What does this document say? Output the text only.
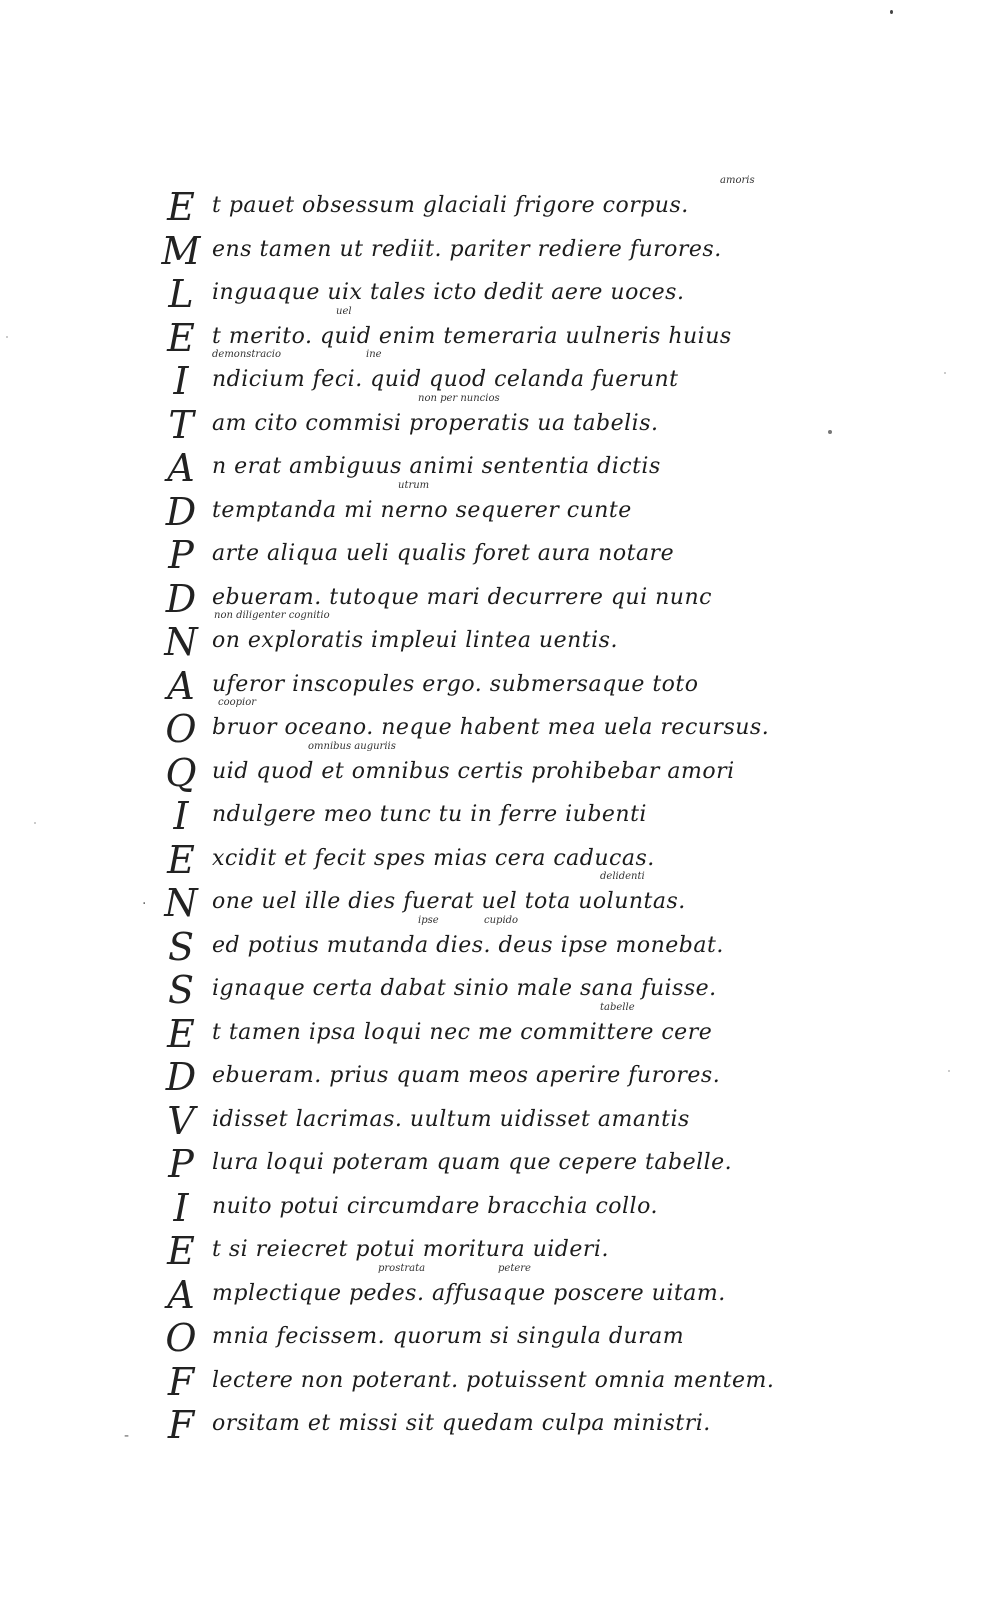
·
-
E t pauet obsessum glaciali frigore corpus.
amoris
M ens tamen ut rediit. pariter rediere furores.
L inguaque uix tales icto dedit aere uoces.
E t merito. quid enim temeraria uulneris huius
uel
I	ndicium feci. quid quod celanda fuerunt
demonstracio	ine
T am cito commisi properatis ua tabelis.
non per nuncios
A n erat ambiguus animi sententia dictis
D temptanda mi nerno sequerer cunte
utrum
P arte aliqua ueli qualis foret aura notare
D ebueram. tutoque mari decurrere qui nunc
N on exploratis impleui lintea uentis.
non diligenter cognitio
A uferor inscopules ergo. submersaque toto
O bruor oceano. neque habent mea uela recursus.
coopior
Q uid quod et omnibus certis prohibebar amori
omnibus auguriis
I	ndulgere meo tunc tu in ferre iubenti
E xcidit et fecit spes mias cera caducas.
N one uel ille dies fuerat uel tota uoluntas.
delidenti
S ed potius mutanda dies. deus ipse monebat.
ipse	cupido
S ignaque certa dabat sinio male sana fuisse.
E t tamen ipsa loqui nec me committere cere
tabelle
D ebueram. prius quam meos aperire furores.
V idisset lacrimas. uultum uidisset amantis
P lura loqui poteram quam que cepere tabelle.
I	nuito potui circumdare bracchia collo.
E t si reiecret potui moritura uideri.
A mplectique pedes. affusaque poscere uitam.
prostrata	petere
O mnia fecissem. quorum si singula duram
F lectere non poterant. potuissent omnia mentem.
F orsitam et missi sit quedam culpa ministri.
